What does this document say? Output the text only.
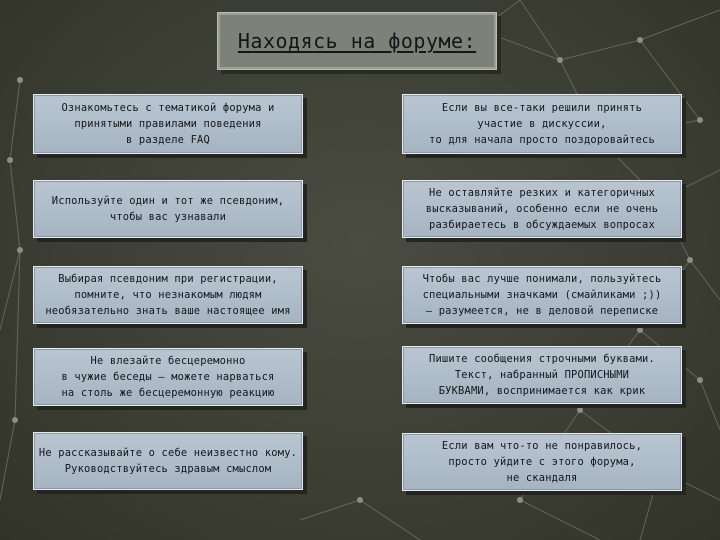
Находясь на форуме:
Ознакомьтесь с тематикой форума и
принятыми правилами поведения
в разделе FAQ
Если вы все-таки решили принять
участие в дискуссии,
то для начала просто поздоровайтесь
Используйте один и тот же псевдоним,
чтобы вас узнавали
Не оставляйте резких и категоричных
высказываний, особенно если не очень
разбираетесь в обсуждаемых вопросах
Выбирая псевдоним при регистрации,
помните, что незнакомым людям
необязательно знать ваше настоящее имя
Чтобы вас лучше понимали, пользуйтесь
специальными значками (смайликами ;))
– разумеется, не в деловой переписке
Не влезайте бесцеремонно
в чужие беседы – можете нарваться
на столь же бесцеремонную реакцию
Пишите сообщения строчными буквами.
Текст, набранный ПРОПИСНЫМИ
БУКВАМИ, воспринимается как крик
Не рассказывайте о себе неизвестно кому.
Руководствуйтесь здравым смыслом
Если вам что-то не понравилось,
просто уйдите с этого форума,
не скандаля
